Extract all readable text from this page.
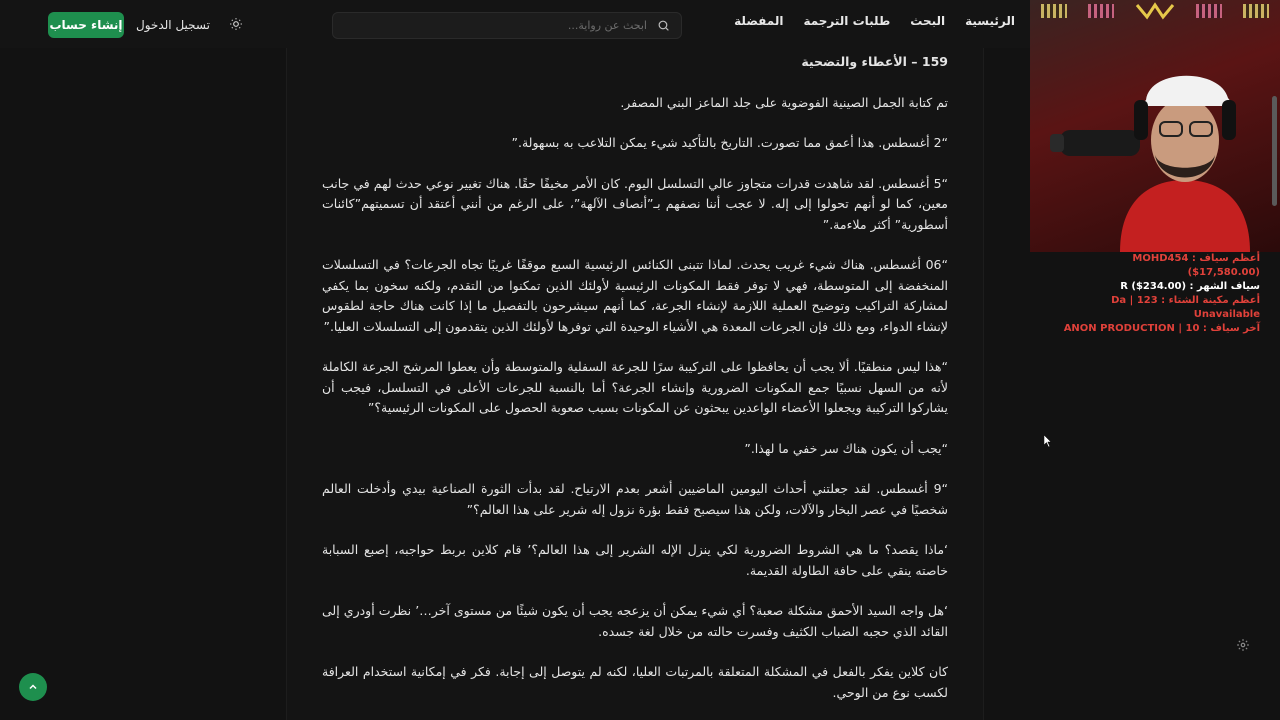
إنشاء حساب تسجيل الدخول
ابحث عن رواية...	الرئيسية
البحث
طلبات الترجمة
المفضلة

159 – الأعطاء والتضحية

تم كتابة الجمل الصينية الفوضوية على جلد الماعز البني المصفر.

“2 أغسطس. هذا أعمق مما تصورت. التاريخ بالتأكيد شيء يمكن التلاعب به بسهولة.”

“5 أغسطس. لقد شاهدت قدرات متجاوز عالي التسلسل اليوم. كان الأمر مخيفًا حقًا. هناك تغيير نوعي حدث لهم في جانب معين، كما لو أنهم تحولوا إلى إله. لا عجب أننا نصفهم بـ”أنصاف الآلهة”، على الرغم من أنني أعتقد أن تسميتهم”كائنات أسطورية” أكثر ملاءمة.”

“06 أغسطس. هناك شيء غريب يحدث. لماذا تتبنى الكنائس الرئيسية السبع موقفًا غريبًا تجاه الجرعات؟ في التسلسلات المنخفضة إلى المتوسطة، فهي لا توفر فقط المكونات الرئيسية لأولئك الذين تمكنوا من التقدم، ولكنه سخون بما يكفي لمشاركة التراكيب وتوضيح العملية اللازمة لإنشاء الجرعة، كما أنهم سيشرحون بالتفصيل ما إذا كانت هناك حاجة لطقوس لإنشاء الدواء، ومع ذلك فإن الجرعات المعدة هي الأشياء الوحيدة التي توفرها لأولئك الذين يتقدمون إلى التسلسلات العليا.”

“هذا ليس منطقيًا. ألا يجب أن يحافظوا على التركيبة سرًا للجرعة السفلية والمتوسطة وأن يعطوا المرشح الجرعة الكاملة لأنه من السهل نسبيًا جمع المكونات الضرورية وإنشاء الجرعة؟ أما بالنسبة للجرعات الأعلى في التسلسل، فيجب أن يشاركوا التركيبة ويجعلوا الأعضاء الواعدين يبحثون عن المكونات بسبب صعوبة الحصول على المكونات الرئيسية؟”

“يجب أن يكون هناك سر خفي ما لهذا.”

“9 أغسطس. لقد جعلتني أحداث اليومين الماضيين أشعر بعدم الارتياح. لقد بدأت الثورة الصناعية بيدي وأدخلت العالم شخصيًا في عصر البخار والآلات، ولكن هذا سيصبح فقط بؤرة نزول إله شرير على هذا العالم؟”

‘ماذا يقصد؟ ما هي الشروط الضرورية لكي ينزل الإله الشرير إلى هذا العالم؟’ قام كلاين بربط حواجبه، إصبع السبابة خاصته ينقي على حافة الطاولة القديمة.

‘هل واجه السيد الأحمق مشكلة صعبة؟ أي شيء يمكن أن يزعجه يجب أن يكون شيئًا من مستوى آخر…’ نظرت أودري إلى القائد الذي حجبه الضباب الكثيف وفسرت حالته من خلال لغة جسده.

كان كلاين يفكر بالفعل في المشكلة المتعلقة بالمرتبات العليا، لكنه لم يتوصل إلى إجابة. فكر في إمكانية استخدام العرافة لكسب نوع من الوحي.

أعظم سياف : MOHD454 ($17,580.00)
سياف الشهر : R ($234.00)
أعظم مكينة الشتاء : 123 | Da Unavailable
آخر سياف : 10 | ANON PRODUCTION
